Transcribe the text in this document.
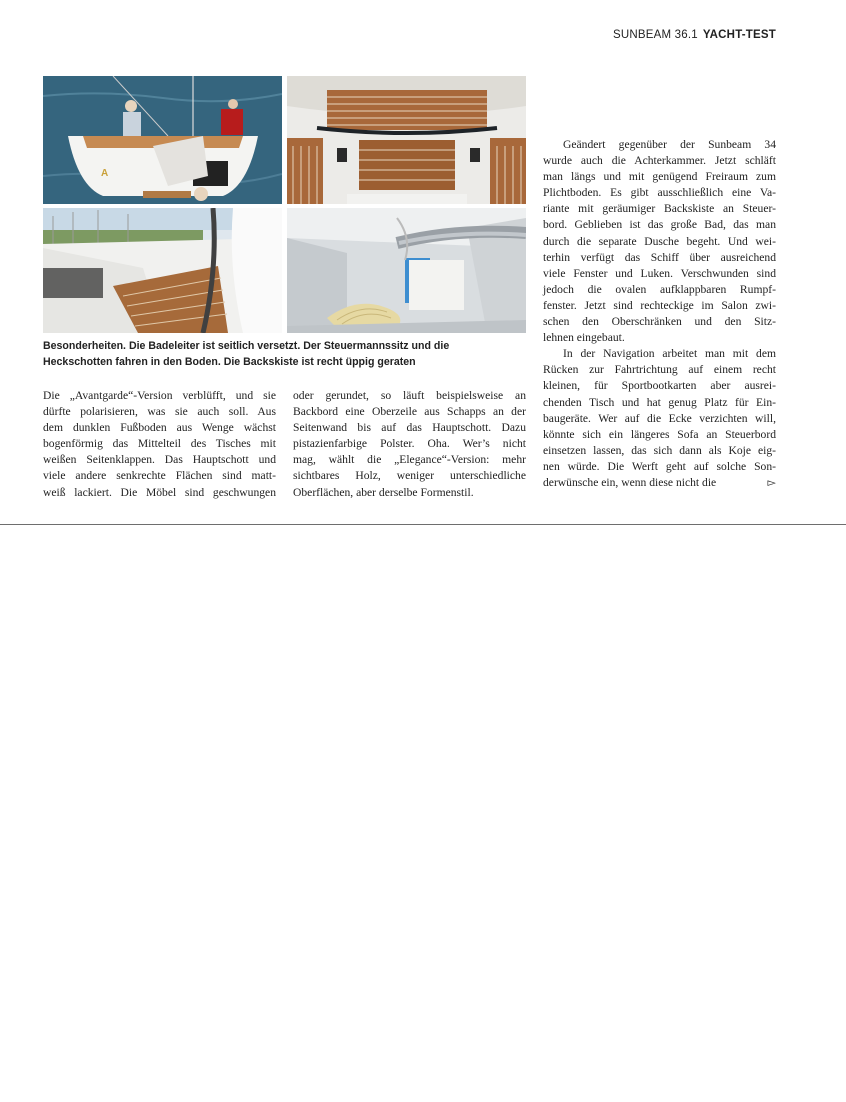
SUNBEAM 36.1 YACHT-TEST
A
Besonderheiten. Die Badeleiter ist seitlich versetzt. Der Steuermannssitz und die
Heckschotten fahren in den Boden. Die Backskiste ist recht üppig geraten
Die „Avantgarde“-Version verblüfft, und sie
dürfte polarisieren, was sie auch soll. Aus
dem dunklen Fußboden aus Wenge wächst
bogenförmig das Mittelteil des Tisches mit
weißen Seitenklappen. Das Hauptschott und
viele andere senkrechte Flächen sind matt-
weiß lackiert. Die Möbel sind geschwungen
oder gerundet, so läuft beispielsweise an
Backbord eine Oberzeile aus Schapps an der
Seitenwand bis auf das Hauptschott. Dazu
pistazienfarbige Polster. Oha. Wer’s nicht
mag, wählt die „Elegance“-Version: mehr
sichtbares Holz, weniger unterschiedliche
Oberflächen, aber derselbe Formenstil.
Geändert gegenüber der Sunbeam 34
wurde auch die Achterkammer. Jetzt schläft
man längs und mit genügend Freiraum zum
Plichtboden. Es gibt ausschließlich eine Va-
riante mit geräumiger Backskiste an Steuer-
bord. Geblieben ist das große Bad, das man
durch die separate Dusche begeht. Und wei-
terhin verfügt das Schiff über ausreichend
viele Fenster und Luken. Verschwunden sind
jedoch die ovalen aufklappbaren Rumpf-
fenster. Jetzt sind rechteckige im Salon zwi-
schen den Oberschränken und den Sitz-
lehnen eingebaut.
In der Navigation arbeitet man mit dem
Rücken zur Fahrtrichtung auf einem recht
kleinen, für Sportbootkarten aber ausrei-
chenden Tisch und hat genug Platz für Ein-
baugeräte. Wer auf die Ecke verzichten will,
könnte sich ein längeres Sofa an Steuerbord
einsetzen lassen, das sich dann als Koje eig-
nen würde. Die Werft geht auf solche Son-
derwünsche ein, wenn diese nicht die	▻
